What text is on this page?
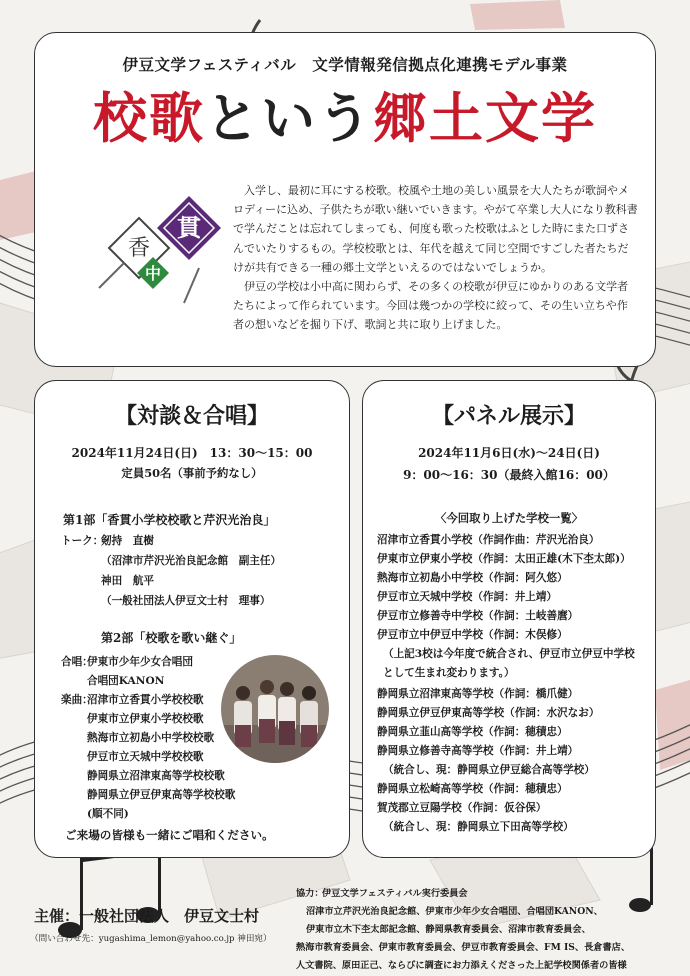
伊豆文学フェスティバル　文学情報発信拠点化連携モデル事業
校歌という郷土文学
香
貫
中

入学し、最初に耳にする校歌。校風や土地の美しい風景を大人たちが歌詞やメロディーに込め、子供たちが歌い継いでいきます。やがて卒業し大人になり教科書で学んだことは忘れてしまっても、何度も歌った校歌はふとした時にまた口ずさんでいたりするもの。学校校歌とは、年代を越えて同じ空間ですごした者たちだけが共有できる一種の郷土文学といえるのではないでしょうか。

伊豆の学校は小中高に関わらず、その多くの校歌が伊豆にゆかりのある文学者たちによって作られています。今回は幾つかの学校に絞って、その生い立ちや作者の想いなどを掘り下げ、歌詞と共に取り上げました。

【対談＆合唱】
2024年11月24日(日)　13：30〜15：00
定員50名（事前予約なし）
第1部「香貫小学校校歌と芹沢光治良」
トーク：
剱持　直樹
（沼津市芹沢光治良記念館　副主任）
神田　航平
（一般社団法人伊豆文士村　理事）
第2部「校歌を歌い継ぐ」
合唱：
伊東市少年少女合唱団
合唱団KANON
楽曲：
沼津市立香貫小学校校歌
伊東市立伊東小学校校歌
熱海市立初島小中学校校歌
伊豆市立天城中学校校歌
静岡県立沼津東高等学校校歌
静岡県立伊豆伊東高等学校校歌
(順不同)
ご来場の皆様も一緒にご唱和ください。
【パネル展示】
2024年11月6日(水)〜24日(日)
9：00〜16：30（最終入館16：00）
〈今回取り上げた学校一覧〉
沼津市立香貫小学校（作詞作曲：芹沢光治良）
伊東市立伊東小学校（作詞：太田正雄(木下杢太郎)）
熱海市立初島小中学校（作詞：阿久悠）
伊豆市立天城中学校（作詞：井上靖）
伊豆市立修善寺中学校（作詞：土岐善麿）
伊豆市立中伊豆中学校（作詞：木俣修）
（上記3校は今年度で統合され、伊豆市立伊豆中学校
として生まれ変わります。）
静岡県立沼津東高等学校（作詞：橋爪健）
静岡県立伊豆伊東高等学校（作詞：水沢なお）
静岡県立韮山高等学校（作詞：穂積忠）
静岡県立修善寺高等学校（作詞：井上靖）
（統合し、現：静岡県立伊豆総合高等学校）
静岡県立松崎高等学校（作詞：穂積忠）
賀茂郡立豆陽学校（作詞：仮谷保）
（統合し、現：静岡県立下田高等学校）
主催：一般社団法人　伊豆文士村
（問い合わせ先：yugashima_lemon@yahoo.co.jp 神田宛）
協力：
伊豆文学フェスティバル実行委員会
沼津市立芹沢光治良記念館、伊東市少年少女合唱団、合唱団KANON、
伊東市立木下杢太郎記念館、静岡県教育委員会、沼津市教育委員会、
熱海市教育委員会、伊東市教育委員会、伊豆市教育委員会、FM IS、長倉書店、
人文書院、原田正己、ならびに調査にお力添えくださった上記学校関係者の皆様
